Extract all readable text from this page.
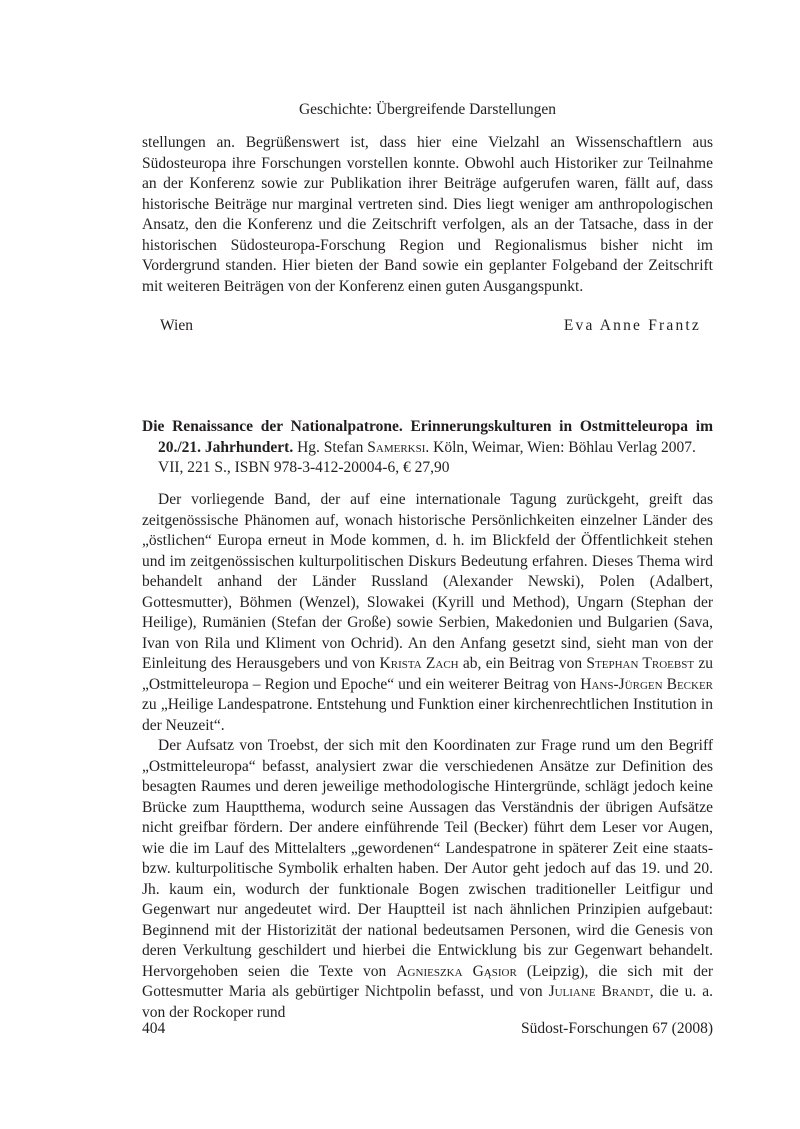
Geschichte: Übergreifende Darstellungen

stellungen an. Begrüßenswert ist, dass hier eine Vielzahl an Wissenschaftlern aus Südosteuropa ihre Forschungen vorstellen konnte. Obwohl auch Historiker zur Teilnahme an der Konferenz sowie zur Publikation ihrer Beiträge aufgerufen waren, fällt auf, dass historische Beiträge nur marginal vertreten sind. Dies liegt weniger am anthropologischen Ansatz, den die Konferenz und die Zeitschrift verfolgen, als an der Tatsache, dass in der historischen Südosteuropa-Forschung Region und Regionalismus bisher nicht im Vordergrund standen. Hier bieten der Band sowie ein geplanter Folgeband der Zeitschrift mit weiteren Beiträgen von der Konferenz einen guten Ausgangspunkt.

Wien	Eva Anne Frantz
Die Renaissance der Nationalpatrone. Erinnerungskulturen in Ostmitteleuropa im
20./21. Jahrhundert. Hg. Stefan Samerksi. Köln, Weimar, Wien: Böhlau Verlag 2007.
VII, 221 S., ISBN 978-3-412-20004-6, € 27,90

Der vorliegende Band, der auf eine internationale Tagung zurückgeht, greift das zeitgenössische Phänomen auf, wonach historische Persönlichkeiten einzelner Länder des „östlichen“ Europa erneut in Mode kommen, d. h. im Blickfeld der Öffentlichkeit stehen und im zeitgenössischen kulturpolitischen Diskurs Bedeutung erfahren. Dieses Thema wird behandelt anhand der Länder Russland (Alexander Newski), Polen (Adalbert, Gottesmutter), Böhmen (Wenzel), Slowakei (Kyrill und Method), Ungarn (Stephan der Heilige), Rumänien (Stefan der Große) sowie Serbien, Makedonien und Bulgarien (Sava, Ivan von Rila und Kliment von Ochrid). An den Anfang gesetzt sind, sieht man von der Einleitung des Herausgebers und von Krista Zach ab, ein Beitrag von Stephan Troebst zu „Ostmitteleuropa – Region und Epoche“ und ein weiterer Beitrag von Hans-Jürgen Becker zu „Heilige Landespatrone. Entstehung und Funktion einer kirchenrechtlichen Institution in der Neuzeit“.

Der Aufsatz von Troebst, der sich mit den Koordinaten zur Frage rund um den Begriff „Ostmitteleuropa“ befasst, analysiert zwar die verschiedenen Ansätze zur Definition des besagten Raumes und deren jeweilige methodologische Hintergründe, schlägt jedoch keine Brücke zum Hauptthema, wodurch seine Aussagen das Verständnis der übrigen Aufsätze nicht greifbar fördern. Der andere einführende Teil (Becker) führt dem Leser vor Augen, wie die im Lauf des Mittelalters „gewordenen“ Landespatrone in späterer Zeit eine staats- bzw. kulturpolitische Symbolik erhalten haben. Der Autor geht jedoch auf das 19. und 20. Jh. kaum ein, wodurch der funktionale Bogen zwischen traditioneller Leitfigur und Gegenwart nur angedeutet wird. Der Hauptteil ist nach ähnlichen Prinzipien aufgebaut: Beginnend mit der Historizität der national bedeutsamen Personen, wird die Genesis von deren Verkultung geschildert und hierbei die Entwicklung bis zur Gegenwart behandelt. Hervorgehoben seien die Texte von Agnieszka Gąsior (Leipzig), die sich mit der Gottesmutter Maria als gebürtiger Nichtpolin befasst, und von Juliane Brandt, die u. a. von der Rockoper rund

404	Südost-Forschungen 67 (2008)
